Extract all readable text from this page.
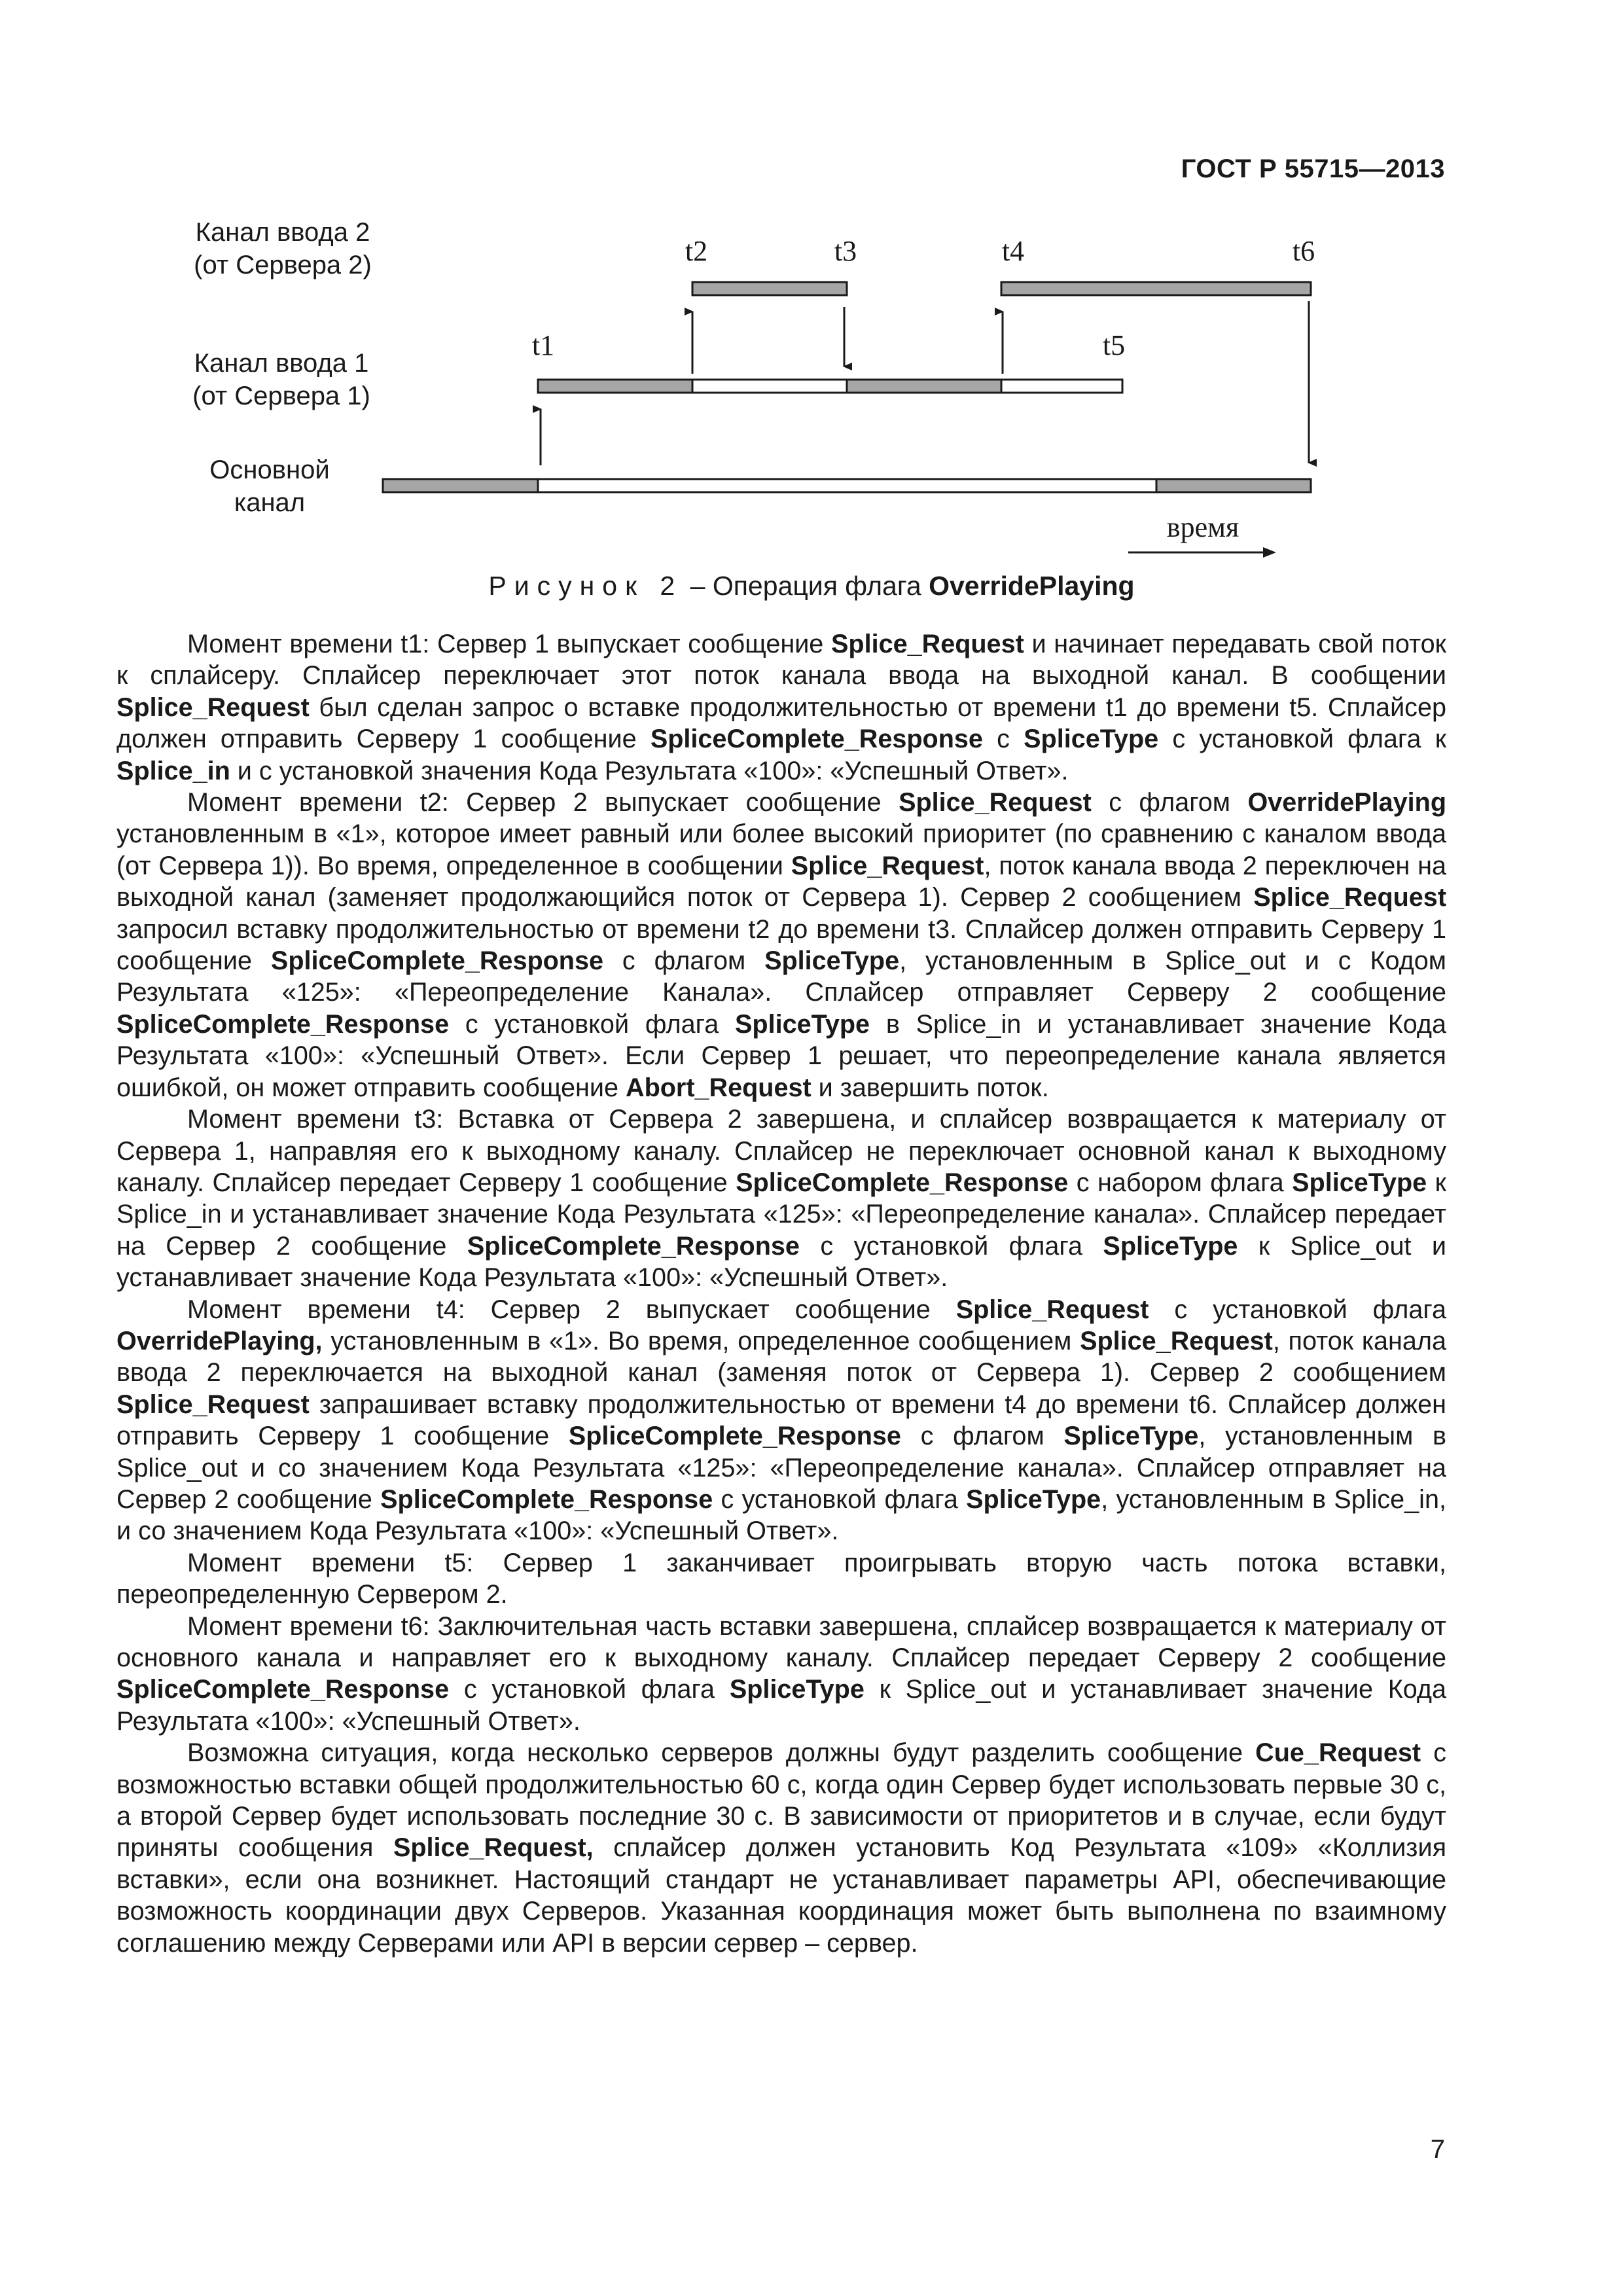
ГОСТ Р 55715—2013
Канал ввода 2
(от Сервера 2)
Канал ввода 1
(от Сервера 1)
Основной
канал
t2	t3	t4	t6
t1	t5
время
Рисунок 2 – Операция флага OverridePlaying

Момент времени t1: Сервер 1 выпускает сообщение Splice_Request и начинает передавать свой поток к сплайсеру. Сплайсер переключает этот поток канала ввода на выходной канал. В сообщении Splice_Request был сделан запрос о вставке продолжительностью от времени t1 до времени t5. Сплайсер должен отправить Серверу 1 сообщение SpliceComplete_Response с SpliceType с установкой флага к Splice_in и с установкой значения Кода Результата «100»: «Успешный Ответ».

Момент времени t2: Сервер 2 выпускает сообщение Splice_Request с флагом OverridePlaying установленным в «1», которое имеет равный или более высокий приоритет (по сравнению с каналом ввода (от Сервера 1)). Во время, определенное в сообщении Splice_Request, поток канала ввода 2 переключен на выходной канал (заменяет продолжающийся поток от Сервера 1). Сервер 2 сообщением Splice_Request запросил вставку продолжительностью от времени t2 до времени t3. Сплайсер должен отправить Серверу 1 сообщение SpliceComplete_Response с флагом SpliceType, установленным в Splice_out и с Кодом Результата «125»: «Переопределение Канала». Сплайсер отправляет Серверу 2 сообщение SpliceComplete_Response с установкой флага SpliceType в Splice_in и устанавливает значение Кода Результата «100»: «Успешный Ответ». Если Сервер 1 решает, что переопределение канала является ошибкой, он может отправить сообщение Abort_Request и завершить поток.

Момент времени t3: Вставка от Сервера 2 завершена, и сплайсер возвращается к материалу от Сервера 1, направляя его к выходному каналу. Сплайсер не переключает основной канал к выходному каналу. Сплайсер передает Серверу 1 сообщение SpliceComplete_Response с набором флага SpliceType к Splice_in и устанавливает значение Кода Результата «125»: «Переопределение канала». Сплайсер передает на Сервер 2 сообщение SpliceComplete_Response с установкой флага SpliceType к Splice_out и устанавливает значение Кода Результата «100»: «Успешный Ответ».

Момент времени t4: Сервер 2 выпускает сообщение Splice_Request с установкой флага OverridePlaying, установленным в «1». Во время, определенное сообщением Splice_Request, поток канала ввода 2 переключается на выходной канал (заменяя поток от Сервера 1). Сервер 2 сообщением Splice_Request запрашивает вставку продолжительностью от времени t4 до времени t6. Сплайсер должен отправить Серверу 1 сообщение SpliceComplete_Response с флагом SpliceType, установленным в Splice_out и со значением Кода Результата «125»: «Переопределение канала». Сплайсер отправляет на Сервер 2 сообщение SpliceComplete_Response с установкой флага SpliceType, установленным в Splice_in, и со значением Кода Результата «100»: «Успешный Ответ».

Момент времени t5: Сервер 1 заканчивает проигрывать вторую часть потока вставки, переопределенную Сервером 2.

Момент времени t6: Заключительная часть вставки завершена, сплайсер возвращается к материалу от основного канала и направляет его к выходному каналу. Сплайсер передает Серверу 2 сообщение SpliceComplete_Response с установкой флага SpliceType к Splice_out и устанавливает значение Кода Результата «100»: «Успешный Ответ».

Возможна ситуация, когда несколько серверов должны будут разделить сообщение Cue_Request с возможностью вставки общей продолжительностью 60 с, когда один Сервер будет использовать первые 30 с, а второй Сервер будет использовать последние 30 с. В зависимости от приоритетов и в случае, если будут приняты сообщения Splice_Request, сплайсер должен установить Код Результата «109» «Коллизия вставки», если она возникнет. Настоящий стандарт не устанавливает параметры API, обеспечивающие возможность координации двух Серверов. Указанная координация может быть выполнена по взаимному соглашению между Серверами или API в версии сервер – сервер.

7
